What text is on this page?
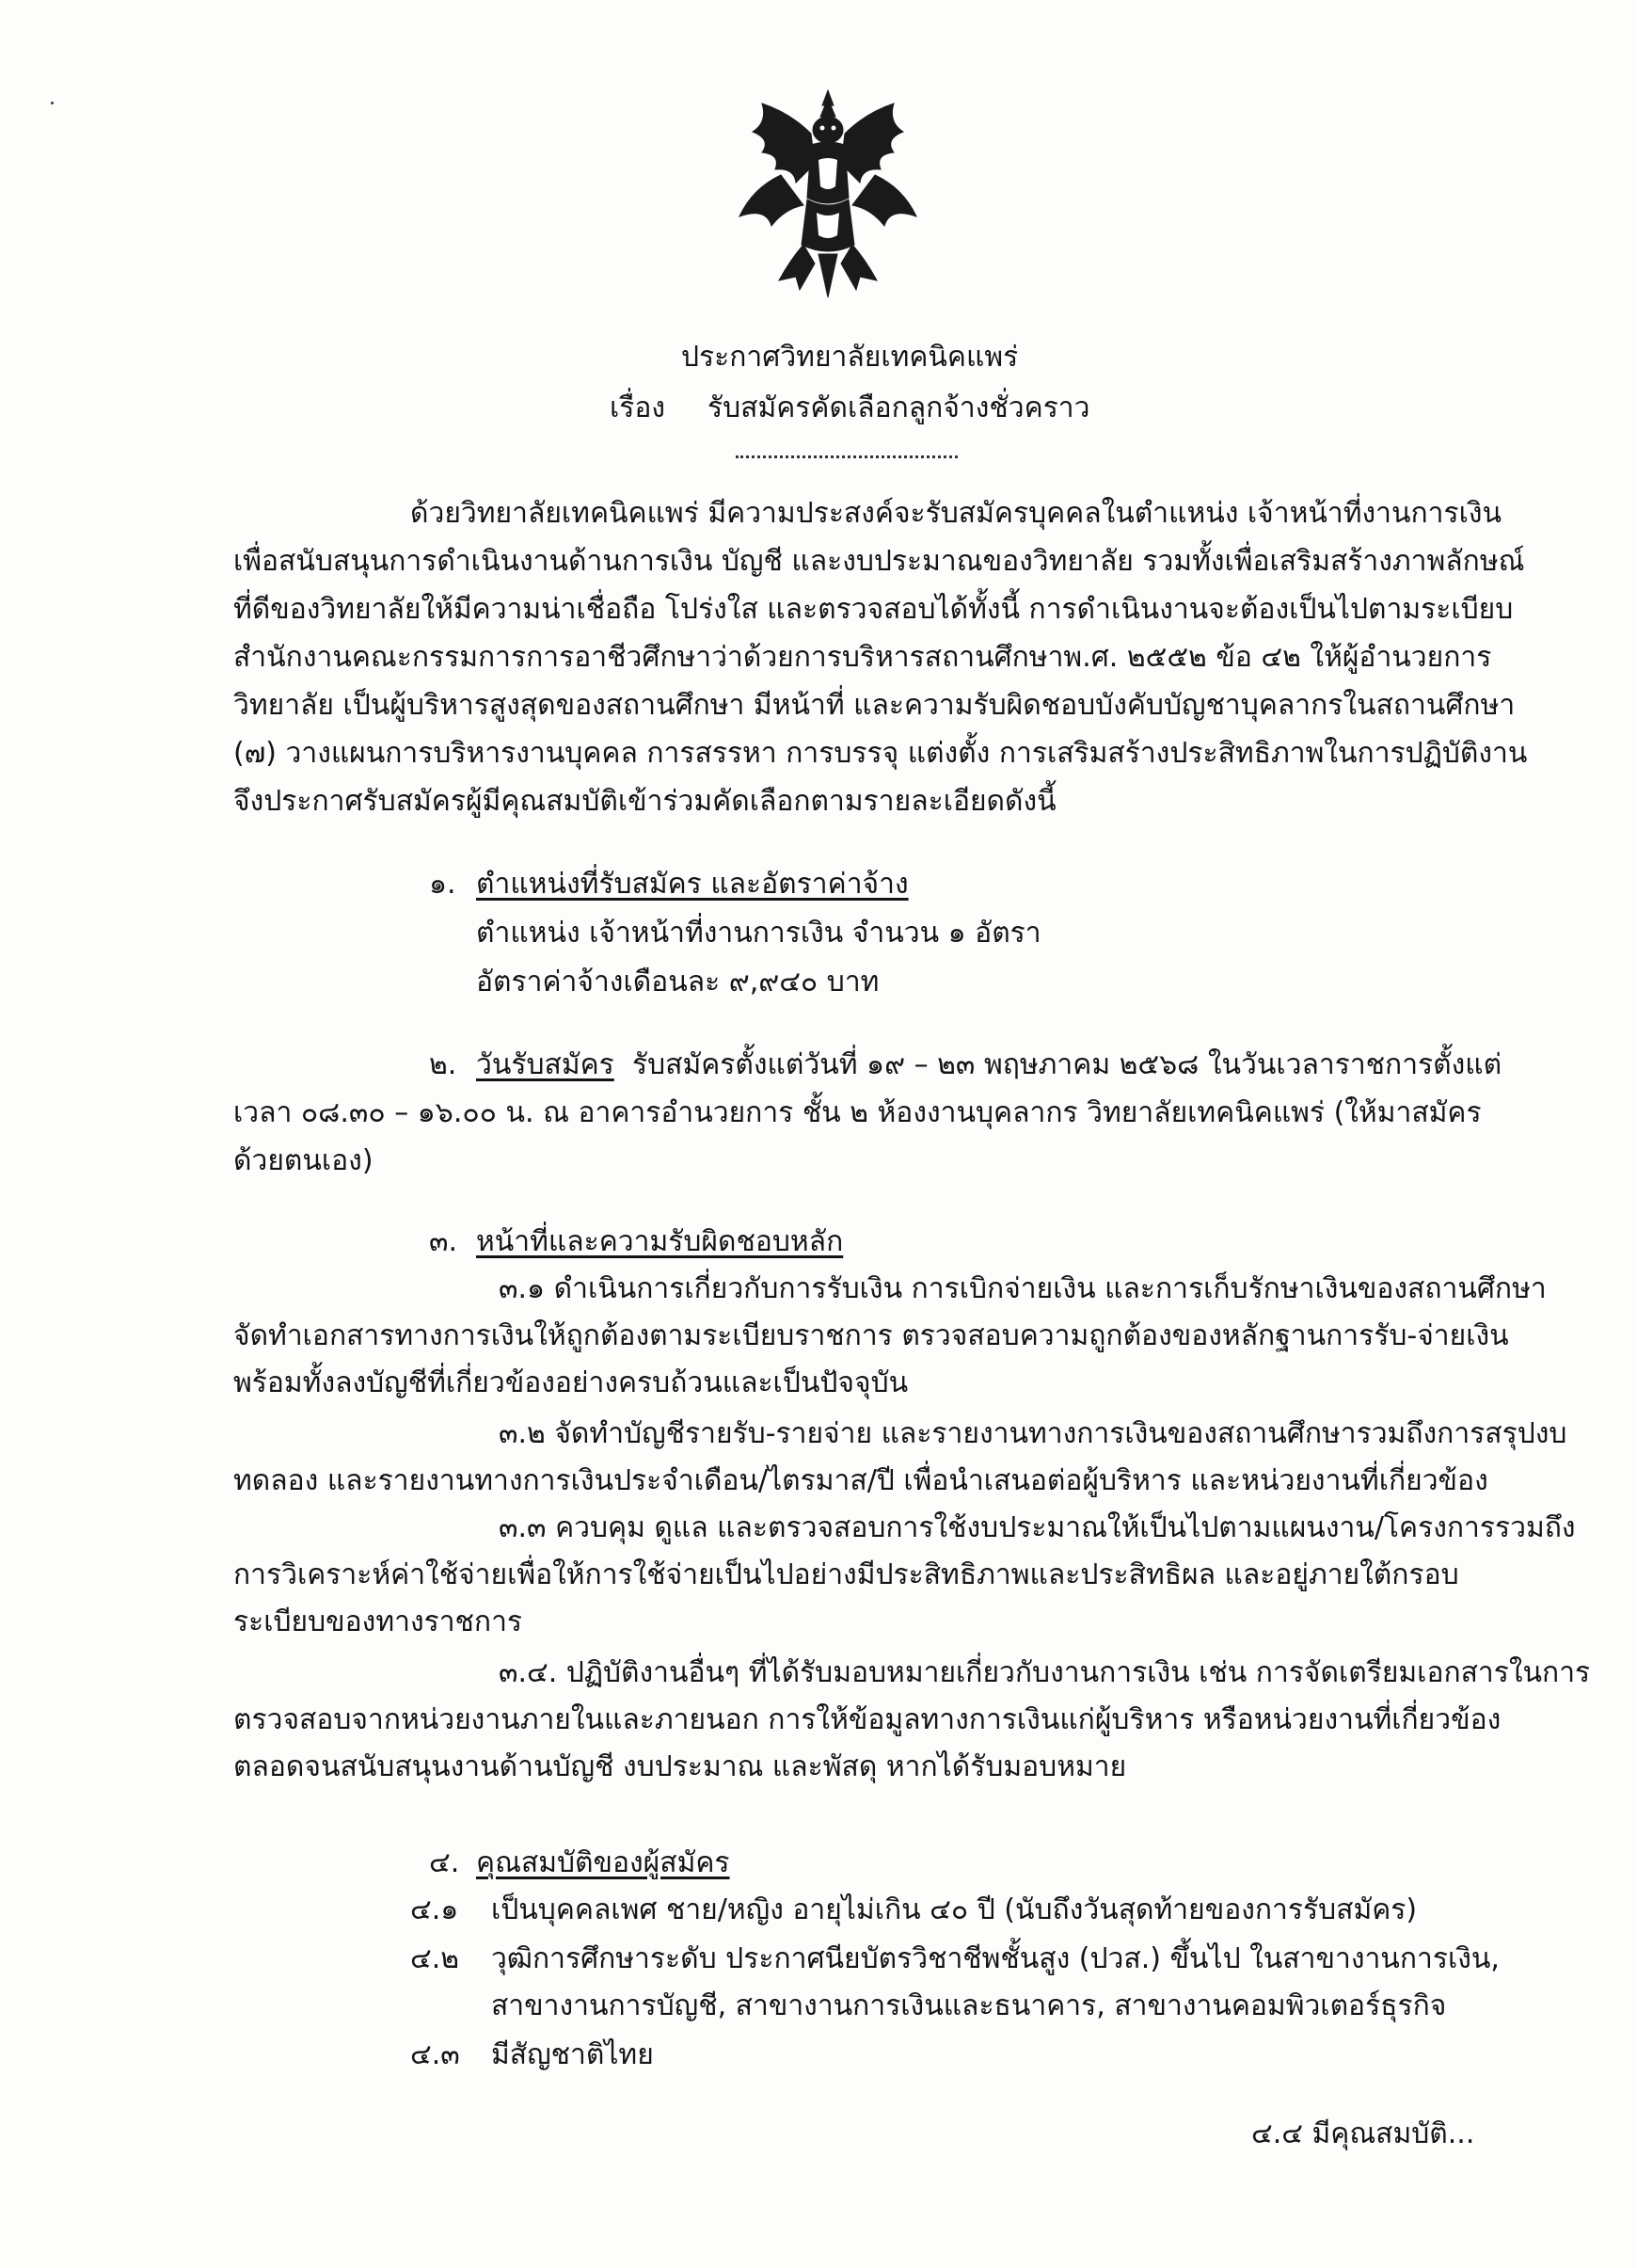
ประกาศวิทยาลัยเทคนิคแพร่
เรื่อง รับสมัครคัดเลือกลูกจ้างชั่วคราว
ด้วยวิทยาลัยเทคนิคแพร่ มีความประสงค์จะรับสมัครบุคคลในตำแหน่ง เจ้าหน้าที่งานการเงิน
เพื่อสนับสนุนการดำเนินงานด้านการเงิน บัญชี และงบประมาณของวิทยาลัย รวมทั้งเพื่อเสริมสร้างภาพลักษณ์
ที่ดีของวิทยาลัยให้มีความน่าเชื่อถือ โปร่งใส และตรวจสอบได้ทั้งนี้ การดำเนินงานจะต้องเป็นไปตามระเบียบ
สำนักงานคณะกรรมการการอาชีวศึกษาว่าด้วยการบริหารสถานศึกษาพ.ศ. ๒๕๕๒ ข้อ ๔๒ ให้ผู้อำนวยการ
วิทยาลัย เป็นผู้บริหารสูงสุดของสถานศึกษา มีหน้าที่ และความรับผิดชอบบังคับบัญชาบุคลากรในสถานศึกษา
(๗) วางแผนการบริหารงานบุคคล การสรรหา การบรรจุ แต่งตั้ง การเสริมสร้างประสิทธิภาพในการปฏิบัติงาน
จึงประกาศรับสมัครผู้มีคุณสมบัติเข้าร่วมคัดเลือกตามรายละเอียดดังนี้
๑. ตำแหน่งที่รับสมัคร และอัตราค่าจ้าง
ตำแหน่ง เจ้าหน้าที่งานการเงิน จำนวน ๑ อัตรา
อัตราค่าจ้างเดือนละ ๙,๙๔๐ บาท
๒. วันรับสมัคร รับสมัครตั้งแต่วันที่ ๑๙ – ๒๓ พฤษภาคม ๒๕๖๘ ในวันเวลาราชการตั้งแต่
เวลา ๐๘.๓๐ – ๑๖.๐๐ น. ณ อาคารอำนวยการ ชั้น ๒ ห้องงานบุคลากร วิทยาลัยเทคนิคแพร่ (ให้มาสมัคร
ด้วยตนเอง)
๓. หน้าที่และความรับผิดชอบหลัก
๓.๑ ดำเนินการเกี่ยวกับการรับเงิน การเบิกจ่ายเงิน และการเก็บรักษาเงินของสถานศึกษา
จัดทำเอกสารทางการเงินให้ถูกต้องตามระเบียบราชการ ตรวจสอบความถูกต้องของหลักฐานการรับ-จ่ายเงิน
พร้อมทั้งลงบัญชีที่เกี่ยวข้องอย่างครบถ้วนและเป็นปัจจุบัน
๓.๒ จัดทำบัญชีรายรับ-รายจ่าย และรายงานทางการเงินของสถานศึกษารวมถึงการสรุปงบ
ทดลอง และรายงานทางการเงินประจำเดือน/ไตรมาส/ปี เพื่อนำเสนอต่อผู้บริหาร และหน่วยงานที่เกี่ยวข้อง
๓.๓ ควบคุม ดูแล และตรวจสอบการใช้งบประมาณให้เป็นไปตามแผนงาน/โครงการรวมถึง
การวิเคราะห์ค่าใช้จ่ายเพื่อให้การใช้จ่ายเป็นไปอย่างมีประสิทธิภาพและประสิทธิผล และอยู่ภายใต้กรอบ
ระเบียบของทางราชการ
๓.๔. ปฏิบัติงานอื่นๆ ที่ได้รับมอบหมายเกี่ยวกับงานการเงิน เช่น การจัดเตรียมเอกสารในการ
ตรวจสอบจากหน่วยงานภายในและภายนอก การให้ข้อมูลทางการเงินแก่ผู้บริหาร หรือหน่วยงานที่เกี่ยวข้อง
ตลอดจนสนับสนุนงานด้านบัญชี งบประมาณ และพัสดุ หากได้รับมอบหมาย
๔. คุณสมบัติของผู้สมัคร
๔.๑ เป็นบุคคลเพศ ชาย/หญิง อายุไม่เกิน ๔๐ ปี (นับถึงวันสุดท้ายของการรับสมัคร)
๔.๒ วุฒิการศึกษาระดับ ประกาศนียบัตรวิชาชีพชั้นสูง (ปวส.) ขึ้นไป ในสาขางานการเงิน,
สาขางานการบัญชี, สาขางานการเงินและธนาคาร, สาขางานคอมพิวเตอร์ธุรกิจ
๔.๓ มีสัญชาติไทย
๔.๔ มีคุณสมบัติ...
